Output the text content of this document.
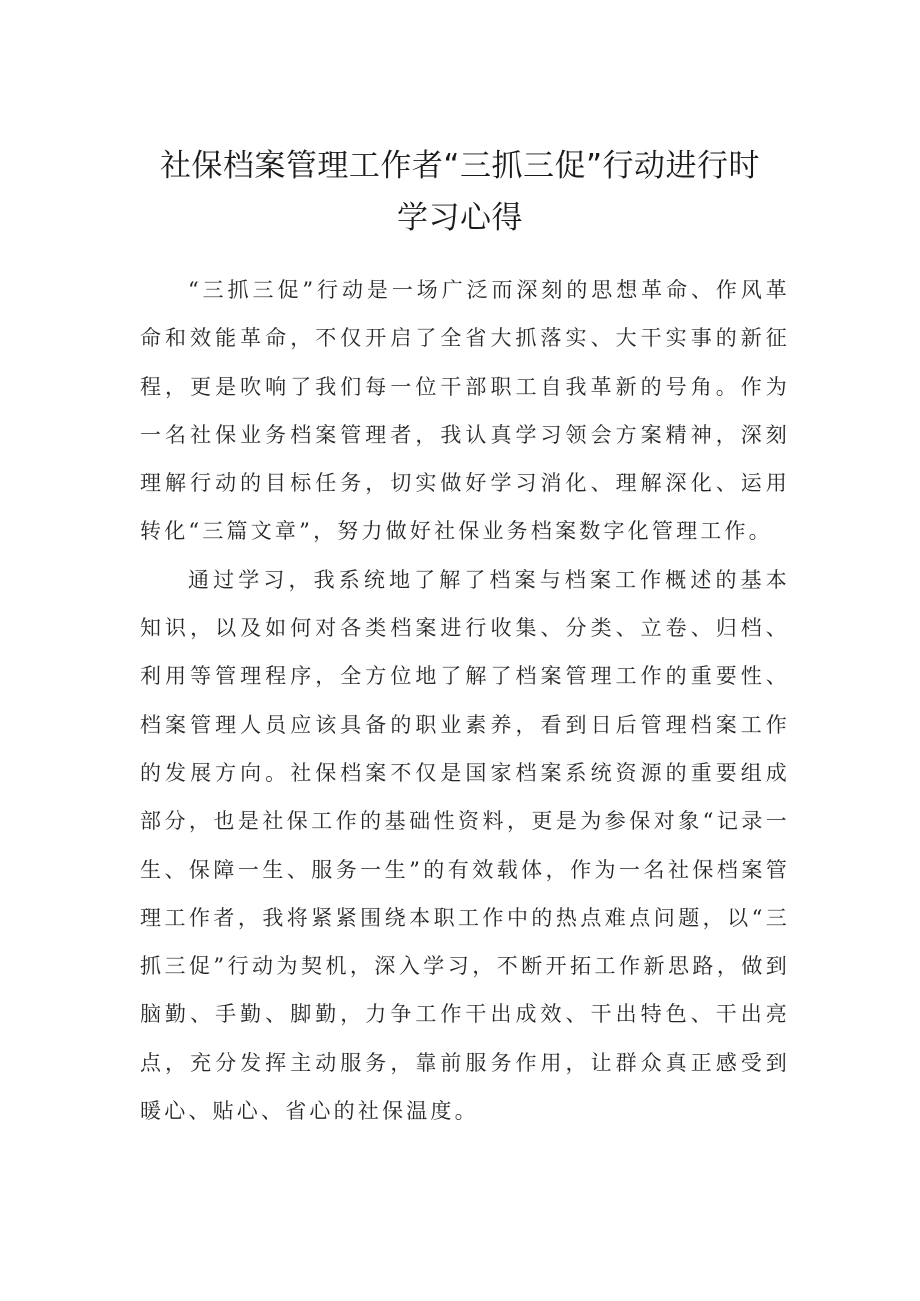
社保档案管理工作者“三抓三促”行动进行时
学习心得

“三抓三促”行动是一场广泛而深刻的思想革命、作风革命和效能革命，不仅开启了全省大抓落实、大干实事的新征程，更是吹响了我们每一位干部职工自我革新的号角。作为一名社保业务档案管理者，我认真学习领会方案精神，深刻理解行动的目标任务，切实做好学习消化、理解深化、运用转化“三篇文章”，努力做好社保业务档案数字化管理工作。

通过学习，我系统地了解了档案与档案工作概述的基本知识，以及如何对各类档案进行收集、分类、立卷、归档、利用等管理程序，全方位地了解了档案管理工作的重要性、档案管理人员应该具备的职业素养，看到日后管理档案工作的发展方向。社保档案不仅是国家档案系统资源的重要组成部分，也是社保工作的基础性资料，更是为参保对象“记录一生、保障一生、服务一生”的有效载体，作为一名社保档案管理工作者，我将紧紧围绕本职工作中的热点难点问题，以“三抓三促”行动为契机，深入学习，不断开拓工作新思路，做到脑勤、手勤、脚勤，力争工作干出成效、干出特色、干出亮点，充分发挥主动服务，靠前服务作用，让群众真正感受到暖心、贴心、省心的社保温度。
